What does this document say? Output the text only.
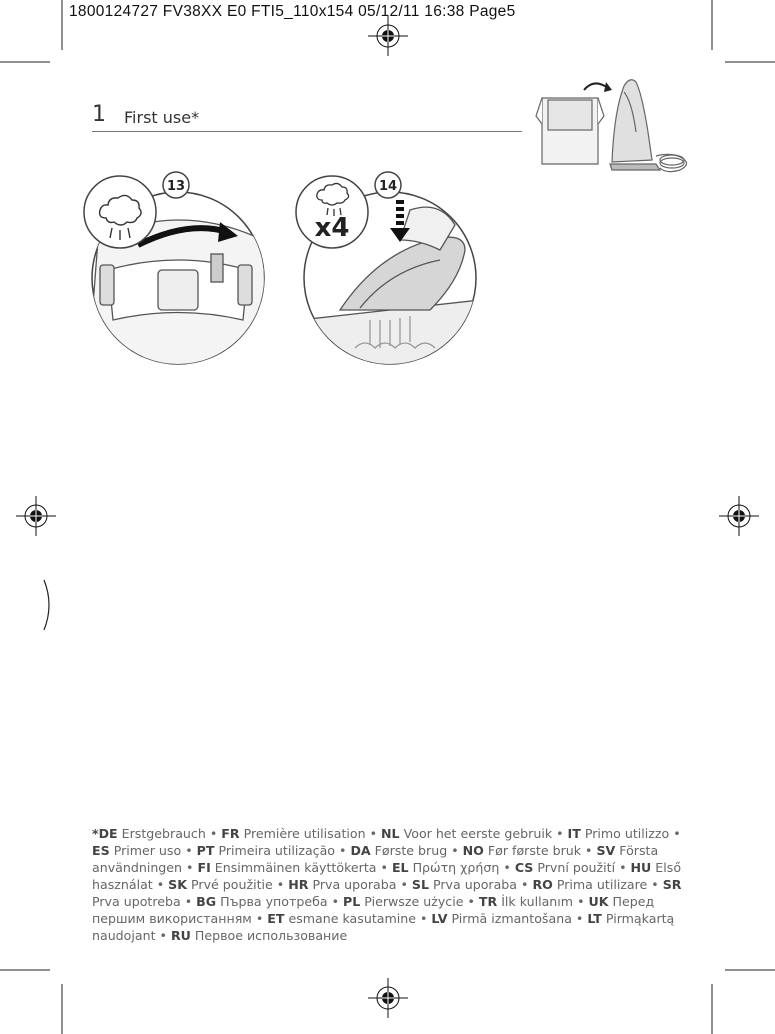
1800124727 FV38XX E0 FTI5_110x154 05/12/11 16:38 Page5
1 First use*
13
x4
14
*DE Erstgebrauch • FR Première utilisation • NL Voor het eerste gebruik • IT Primo utilizzo • ES Primer uso • PT Primeira utilização • DA Første brug • NO Før første bruk • SV Första användningen • FI Ensimmäinen käyttökerta • EL Πρώτη χρήση • CS První použití • HU Első használat • SK Prvé použitie • HR Prva uporaba • SL Prva uporaba • RO Prima utilizare • SR Prva upotreba • BG Първа употреба • PL Pierwsze użycie • TR İlk kullanım • UK Перед першим використанням • ET esmane kasutamine • LV Pirmā izmantošana • LT Pirmąkartą naudojant • RU Первое использование
